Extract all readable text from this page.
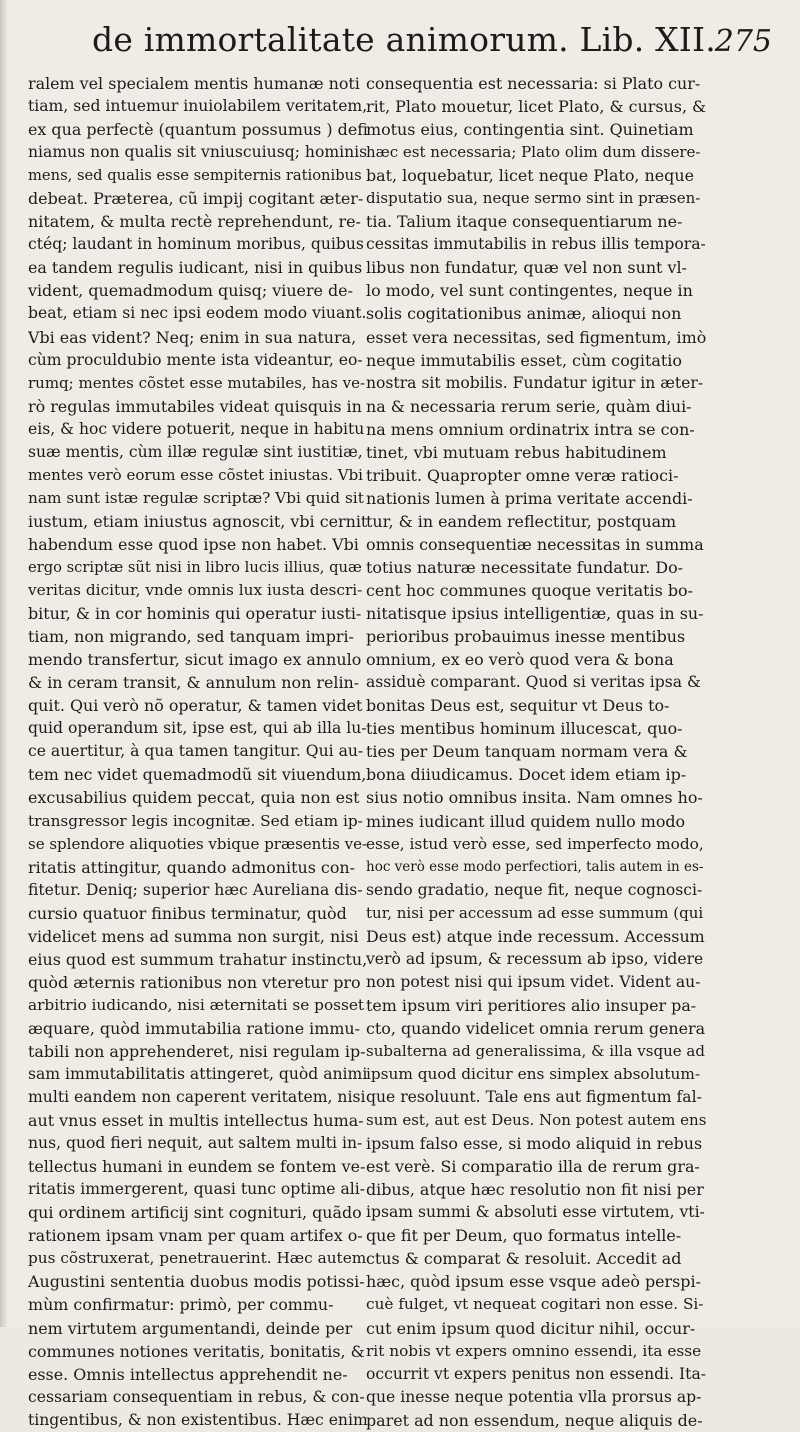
de immortalitate animorum. Lib. XII.
275
ralem vel specialem mentis humanæ noti
tiam, sed intuemur inuiolabilem veritatem,
ex qua perfectè (quantum possumus ) defi
niamus non qualis sit vniuscuiusq; hominis
mens, sed qualis esse sempiternis rationibus
debeat. Præterea, cũ impij cogitant æter-
nitatem, & multa rectè reprehendunt, re-
ctéq; laudant in hominum moribus, quibus
ea tandem regulis iudicant, nisi in quibus
vident, quemadmodum quisq; viuere de-
beat, etiam si nec ipsi eodem modo viuant.
Vbi eas vident? Neq; enim in sua natura,
cùm proculdubio mente ista videantur, eo-
rumq; mentes cõstet esse mutabiles, has ve-
rò regulas immutabiles videat quisquis in
eis, & hoc videre potuerit, neque in habitu
suæ mentis, cùm illæ regulæ sint iustitiæ,
mentes verò eorum esse cõstet iniustas. Vbi
nam sunt istæ regulæ scriptæ? Vbi quid sit
iustum, etiam iniustus agnoscit, vbi cernit
habendum esse quod ipse non habet. Vbi
ergo scriptæ sũt nisi in libro lucis illius, quæ
veritas dicitur, vnde omnis lux iusta descri-
bitur, & in cor hominis qui operatur iusti-
tiam, non migrando, sed tanquam impri-
mendo transfertur, sicut imago ex annulo
& in ceram transit, & annulum non relin-
quit. Qui verò nõ operatur, & tamen videt
quid operandum sit, ipse est, qui ab illa lu-
ce auertitur, à qua tamen tangitur. Qui au-
tem nec videt quemadmodũ sit viuendum,
excusabilius quidem peccat, quia non est
transgressor legis incognitæ. Sed etiam ip-
se splendore aliquoties vbique præsentis ve-
ritatis attingitur, quando admonitus con-
fitetur. Deniq; superior hæc Aureliana dis-
cursio quatuor finibus terminatur, quòd
videlicet mens ad summa non surgit, nisi
eius quod est summum trahatur instinctu,
quòd æternis rationibus non vteretur pro
arbitrio iudicando, nisi æternitati se posset
æquare, quòd immutabilia ratione immu-
tabili non apprehenderet, nisi regulam ip-
sam immutabilitatis attingeret, quòd animi
multi eandem non caperent veritatem, nisi
aut vnus esset in multis intellectus huma-
nus, quod fieri nequit, aut saltem multi in-
tellectus humani in eundem se fontem ve-
ritatis immergerent, quasi tunc optime ali-
qui ordinem artificij sint cognituri, quãdo
rationem ipsam vnam per quam artifex o-
pus cõstruxerat, penetrauerint. Hæc autem
Augustini sententia duobus modis potissi-
mùm confirmatur: primò, per commu-
nem virtutem argumentandi, deinde per
communes notiones veritatis, bonitatis, &
esse. Omnis intellectus apprehendit ne-
cessariam consequentiam in rebus, & con-
tingentibus, & non existentibus. Hæc enim
consequentia est necessaria: si Plato cur-
rit, Plato mouetur, licet Plato, & cursus, &
motus eius, contingentia sint. Quinetiam
hæc est necessaria; Plato olim dum dissere-
bat, loquebatur, licet neque Plato, neque
disputatio sua, neque sermo sint in præsen-
tia. Talium itaque consequentiarum ne-
cessitas immutabilis in rebus illis tempora-
libus non fundatur, quæ vel non sunt vl-
lo modo, vel sunt contingentes, neque in
solis cogitationibus animæ, alioqui non
esset vera necessitas, sed figmentum, imò
neque immutabilis esset, cùm cogitatio
nostra sit mobilis. Fundatur igitur in æter-
na & necessaria rerum serie, quàm diui-
na mens omnium ordinatrix intra se con-
tinet, vbi mutuam rebus habitudinem
tribuit. Quapropter omne veræ ratioci-
nationis lumen à prima veritate accendi-
tur, & in eandem reflectitur, postquam
omnis consequentiæ necessitas in summa
totius naturæ necessitate fundatur. Do-
cent hoc communes quoque veritatis bo-
nitatisque ipsius intelligentiæ, quas in su-
perioribus probauimus inesse mentibus
omnium, ex eo verò quod vera & bona
assiduè comparant. Quod si veritas ipsa &
bonitas Deus est, sequitur vt Deus to-
ties mentibus hominum illucescat, quo-
ties per Deum tanquam normam vera &
bona diiudicamus. Docet idem etiam ip-
sius notio omnibus insita. Nam omnes ho-
mines iudicant illud quidem nullo modo
esse, istud verò esse, sed imperfecto modo,
hoc verò esse modo perfectiori, talis autem in es-
sendo gradatio, neque fit, neque cognosci-
tur, nisi per accessum ad esse summum (qui
Deus est) atque inde recessum. Accessum
verò ad ipsum, & recessum ab ipso, videre
non potest nisi qui ipsum videt. Vident au-
tem ipsum viri peritiores alio insuper pa-
cto, quando videlicet omnia rerum genera
subalterna ad generalissima, & illa vsque ad
ipsum quod dicitur ens simplex absolutum-
que resoluunt. Tale ens aut figmentum fal-
sum est, aut est Deus. Non potest autem ens
ipsum falso esse, si modo aliquid in rebus
est verè. Si comparatio illa de rerum gra-
dibus, atque hæc resolutio non fit nisi per
ipsam summi & absoluti esse virtutem, vti-
que fit per Deum, quo formatus intelle-
ctus & comparat & resoluit. Accedit ad
hæc, quòd ipsum esse vsque adeò perspi-
cuè fulget, vt nequeat cogitari non esse. Si-
cut enim ipsum quod dicitur nihil, occur-
rit nobis vt expers omnino essendi, ita esse
occurrit vt expers penitus non essendi. Ita-
que inesse neque potentia vlla prorsus ap-
paret ad non essendum, neque aliquis de-
